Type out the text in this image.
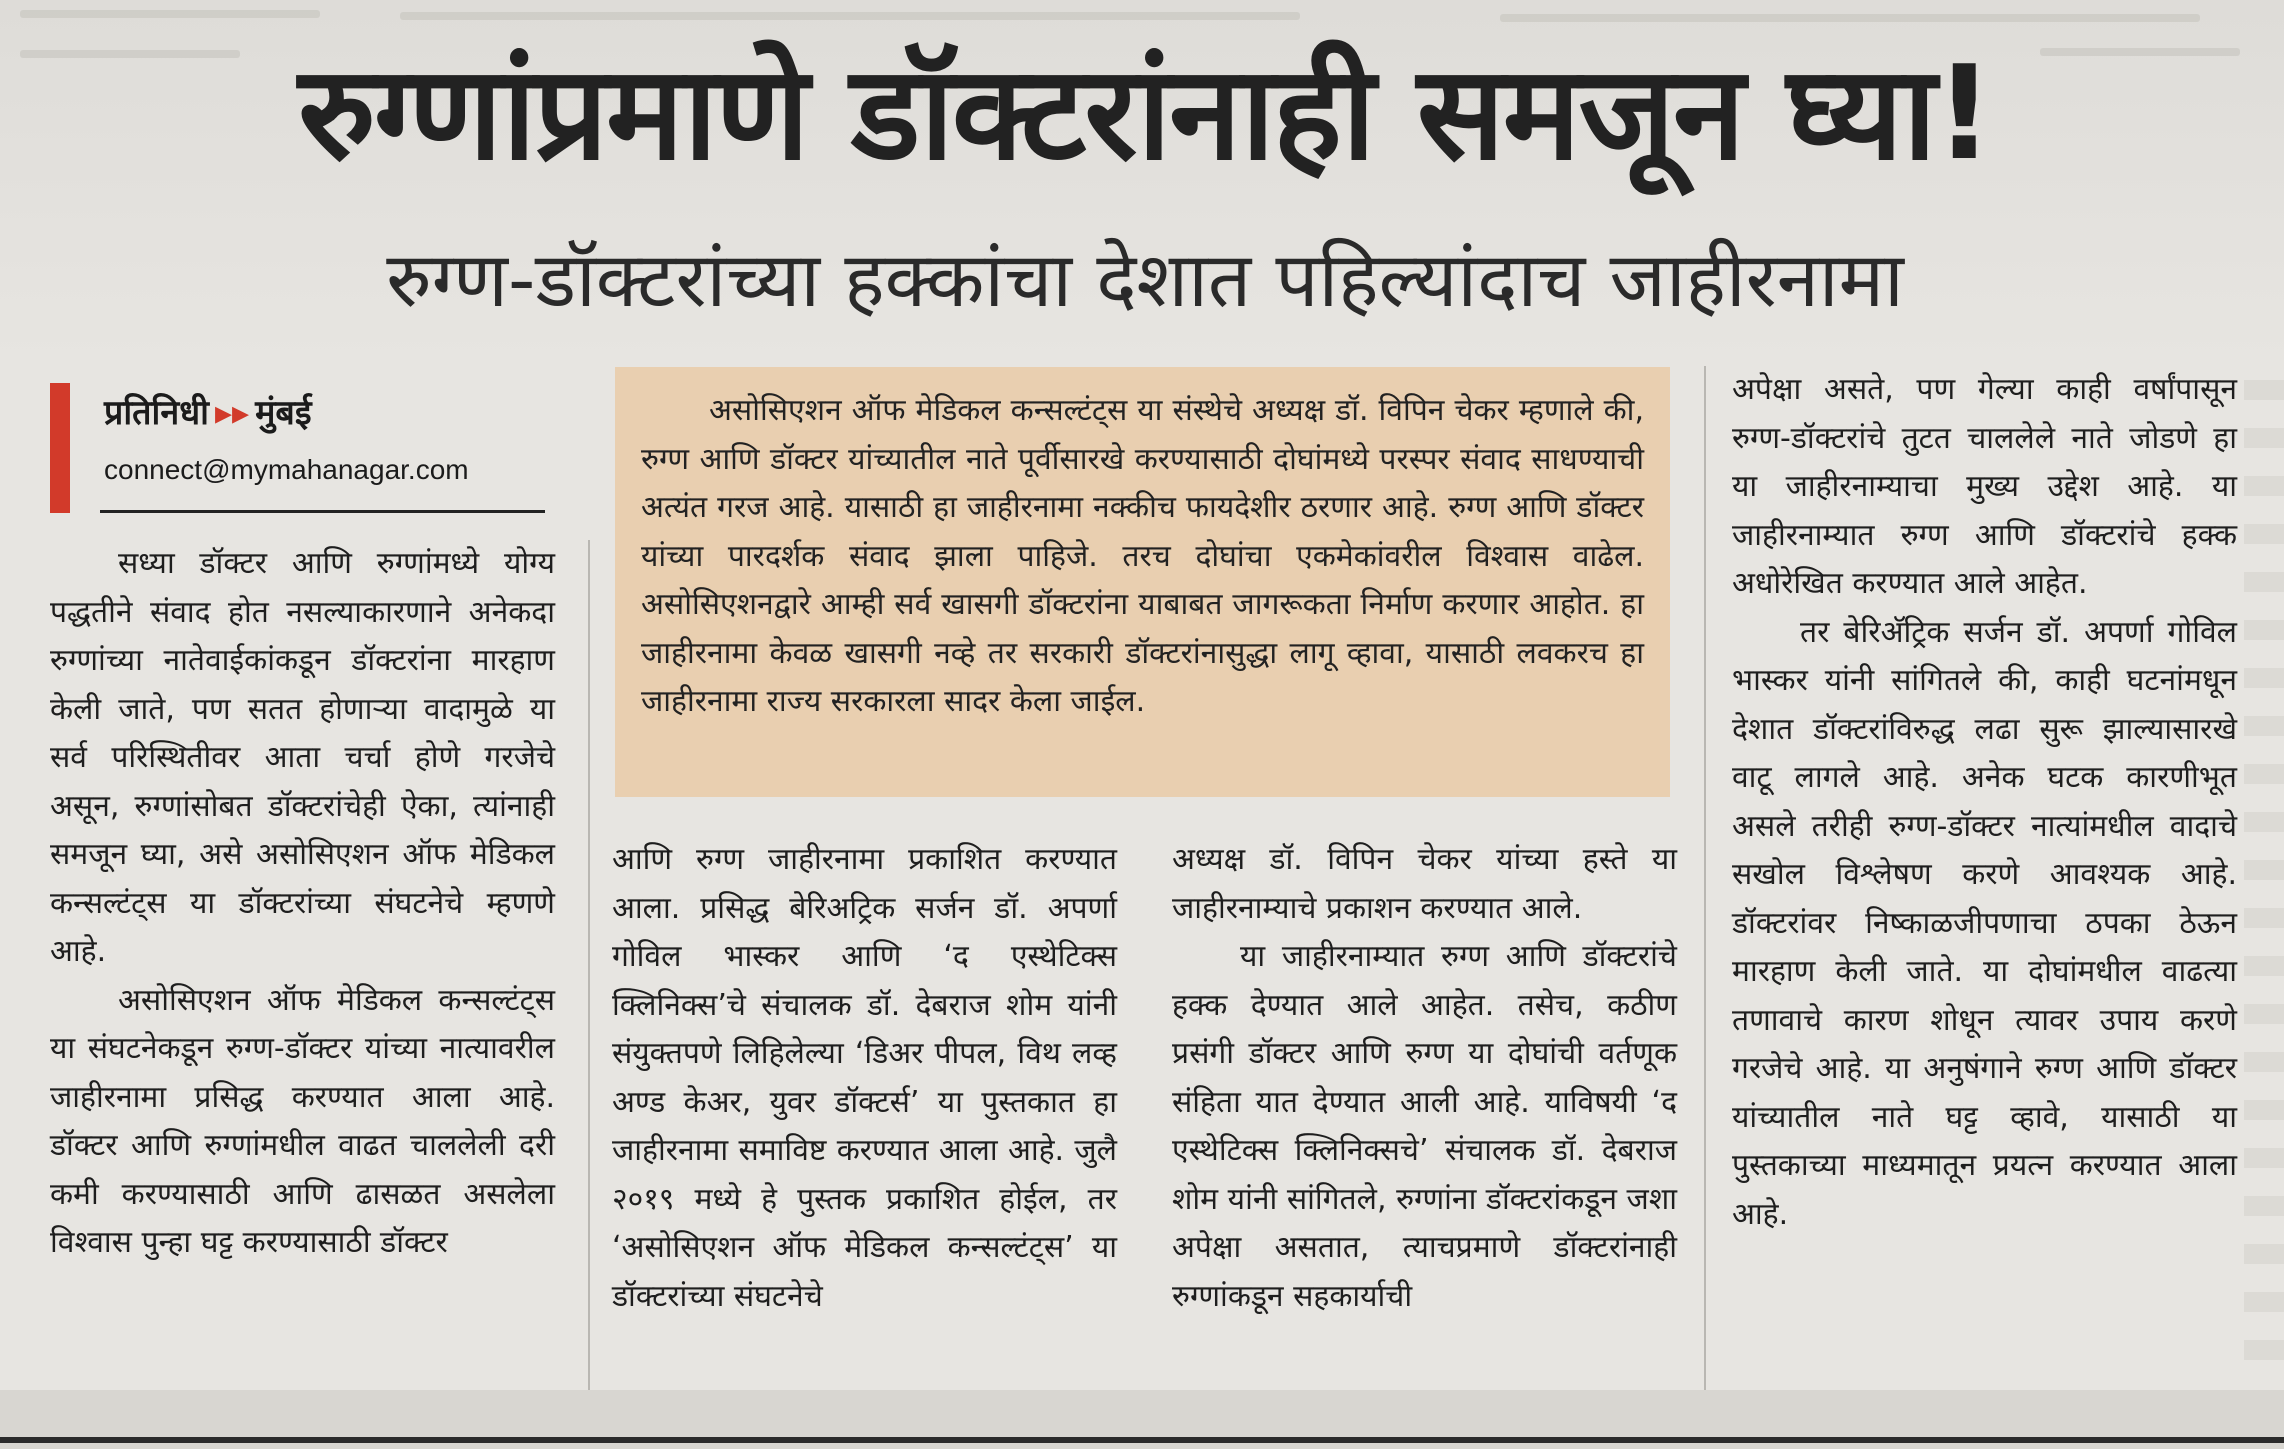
रुग्णांप्रमाणे डॉक्टरांनाही समजून घ्या!
रुग्ण-डॉक्टरांच्या हक्कांचा देशात पहिल्यांदाच जाहीरनामा
प्रतिनिधी ▸▸ मुंबई
connect@mymahanagar.com

असोसिएशन ऑफ मेडिकल कन्सल्टंट्स या संस्थेचे अध्यक्ष डॉ. विपिन चेकर म्हणाले की, रुग्ण आणि डॉक्टर यांच्यातील नाते पूर्वीसारखे करण्यासाठी दोघांमध्ये परस्पर संवाद साधण्याची अत्यंत गरज आहे. यासाठी हा जाहीरनामा नक्कीच फायदेशीर ठरणार आहे. रुग्ण आणि डॉक्टर यांच्या पारदर्शक संवाद झाला पाहिजे. तरच दोघांचा एकमेकांवरील विश्वास वाढेल. असोसिएशनद्वारे आम्ही सर्व खासगी डॉक्टरांना याबाबत जागरूकता निर्माण करणार आहोत. हा जाहीरनामा केवळ खासगी नव्हे तर सरकारी डॉक्टरांनासुद्धा लागू व्हावा, यासाठी लवकरच हा जाहीरनामा राज्य सरकारला सादर केला जाईल.

सध्या डॉक्टर आणि रुग्णांमध्ये योग्य पद्धतीने संवाद होत नसल्याकारणाने अनेकदा रुग्णांच्या नातेवाईकांकडून डॉक्टरांना मारहाण केली जाते, पण सतत होणार्‍या वादामुळे या सर्व परिस्थितीवर आता चर्चा होणे गरजेचे असून, रुग्णांसोबत डॉक्टरांचेही ऐका, त्यांनाही समजून घ्या, असे असोसिएशन ऑफ मेडिकल कन्सल्टंट्स या डॉक्टरांच्या संघटनेचे म्हणणे आहे.

असोसिएशन ऑफ मेडिकल कन्सल्टंट्स या संघटनेकडून रुग्ण-डॉक्टर यांच्या नात्यावरील जाहीरनामा प्रसिद्ध करण्यात आला आहे. डॉक्टर आणि रुग्णांमधील वाढत चाललेली दरी कमी करण्यासाठी आणि ढासळत असलेला विश्वास पुन्हा घट्ट करण्यासाठी डॉक्टर

आणि रुग्ण जाहीरनामा प्रकाशित करण्यात आला. प्रसिद्ध बेरिअट्रिक सर्जन डॉ. अपर्णा गोविल भास्कर आणि ‘द एस्थेटिक्स क्लिनिक्स’चे संचालक डॉ. देबराज शोम यांनी संयुक्तपणे लिहिलेल्या ‘डिअर पीपल, विथ लव्ह अण्ड केअर, युवर डॉक्टर्स’ या पुस्तकात हा जाहीरनामा समाविष्ट करण्यात आला आहे. जुलै २०१९ मध्ये हे पुस्तक प्रकाशित होईल, तर ‘असोसिएशन ऑफ मेडिकल कन्सल्टंट्स’ या डॉक्टरांच्या संघटनेचे

अध्यक्ष डॉ. विपिन चेकर यांच्या हस्ते या जाहीरनाम्याचे प्रकाशन करण्यात आले.

या जाहीरनाम्यात रुग्ण आणि डॉक्टरांचे हक्क देण्यात आले आहेत. तसेच, कठीण प्रसंगी डॉक्टर आणि रुग्ण या दोघांची वर्तणूक संहिता यात देण्यात आली आहे. याविषयी ‘द एस्थेटिक्स क्लिनिक्सचे’ संचालक डॉ. देबराज शोम यांनी सांगितले, रुग्णांना डॉक्टरांकडून जशा अपेक्षा असतात, त्याचप्रमाणे डॉक्टरांनाही रुग्णांकडून सहकार्याची

अपेक्षा असते, पण गेल्या काही वर्षांपासून रुग्ण-डॉक्टरांचे तुटत चाललेले नाते जोडणे हा या जाहीरनाम्याचा मुख्य उद्देश आहे. या जाहीरनाम्यात रुग्ण आणि डॉक्टरांचे हक्क अधोरेखित करण्यात आले आहेत.

तर बेरिअ‍ॅट्रिक सर्जन डॉ. अपर्णा गोविल भास्कर यांनी सांगितले की, काही घटनांमधून देशात डॉक्टरांविरुद्ध लढा सुरू झाल्यासारखे वाटू लागले आहे. अनेक घटक कारणीभूत असले तरीही रुग्ण-डॉक्टर नात्यांमधील वादाचे सखोल विश्लेषण करणे आवश्यक आहे. डॉक्टरांवर निष्काळजीपणाचा ठपका ठेऊन मारहाण केली जाते. या दोघांमधील वाढत्या तणावाचे कारण शोधून त्यावर उपाय करणे गरजेचे आहे. या अनुषंगाने रुग्ण आणि डॉक्टर यांच्यातील नाते घट्ट व्हावे, यासाठी या पुस्तकाच्या माध्यमातून प्रयत्न करण्यात आला आहे.
